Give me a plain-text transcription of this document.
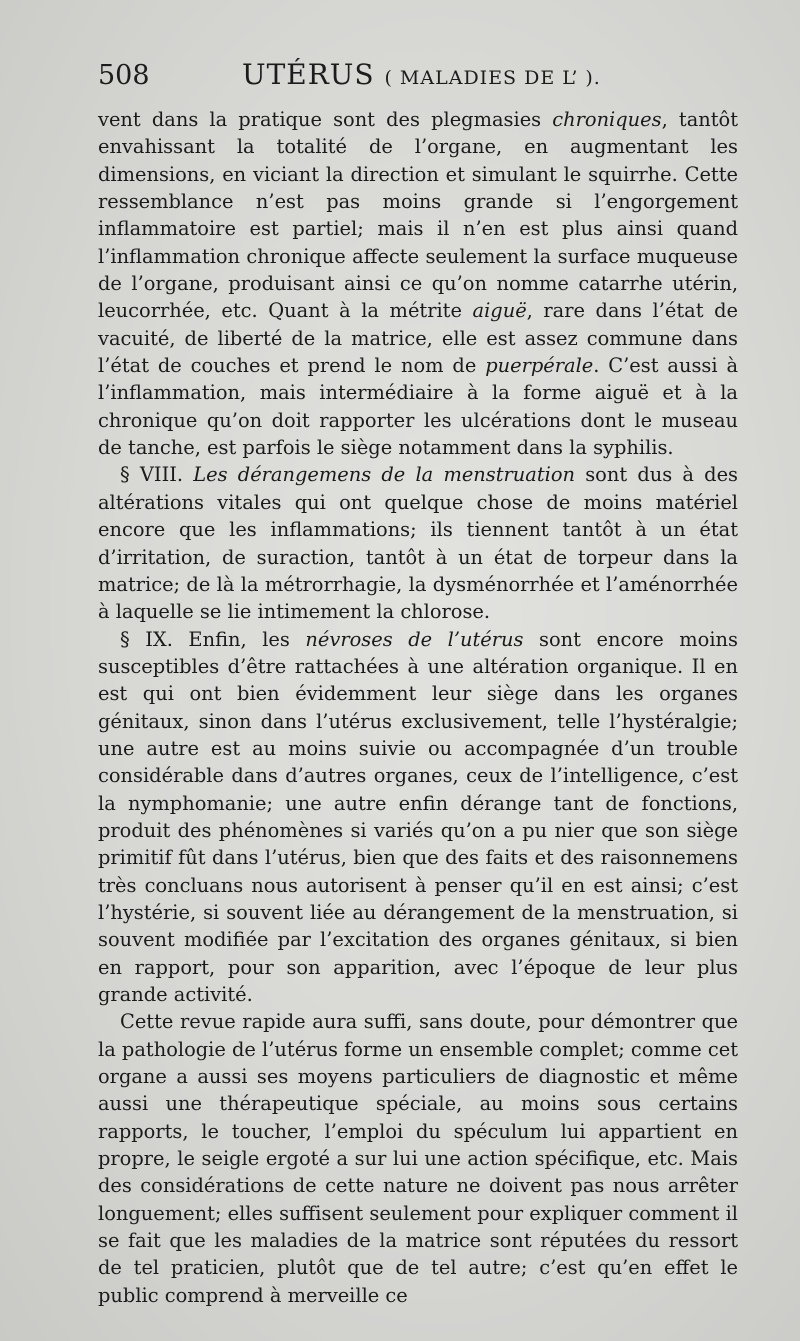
508	UTÉRUS ( MALADIES DE L’ ).

vent dans la pratique sont des plegmasies chroniques, tantôt envahissant la totalité de l’organe, en augmentant les dimensions, en viciant la direction et simulant le squirrhe. Cette ressemblance n’est pas moins grande si l’engorgement inflammatoire est partiel; mais il n’en est plus ainsi quand l’inflammation chronique affecte seulement la surface muqueuse de l’organe, produisant ainsi ce qu’on nomme catarrhe utérin, leucorrhée, etc. Quant à la métrite aiguë, rare dans l’état de vacuité, de liberté de la matrice, elle est assez commune dans l’état de couches et prend le nom de puerpérale. C’est aussi à l’inflammation, mais intermédiaire à la forme aiguë et à la chronique qu’on doit rapporter les ulcérations dont le museau de tanche, est parfois le siège notamment dans la syphilis.

§ VIII. Les dérangemens de la menstruation sont dus à des altérations vitales qui ont quelque chose de moins matériel encore que les inflammations; ils tiennent tantôt à un état d’irritation, de suraction, tantôt à un état de torpeur dans la matrice; de là la métrorrhagie, la dysménorrhée et l’aménorrhée à laquelle se lie intimement la chlorose.

§ IX. Enfin, les névroses de l’utérus sont encore moins susceptibles d’être rattachées à une altération organique. Il en est qui ont bien évidemment leur siège dans les organes génitaux, sinon dans l’utérus exclusivement, telle l’hystéralgie; une autre est au moins suivie ou accompagnée d’un trouble considérable dans d’autres organes, ceux de l’intelligence, c’est la nymphomanie; une autre enfin dérange tant de fonctions, produit des phénomènes si variés qu’on a pu nier que son siège primitif fût dans l’utérus, bien que des faits et des raisonnemens très concluans nous autorisent à penser qu’il en est ainsi; c’est l’hystérie, si souvent liée au dérangement de la menstruation, si souvent modifiée par l’excitation des organes génitaux, si bien en rapport, pour son apparition, avec l’époque de leur plus grande activité.

Cette revue rapide aura suffi, sans doute, pour démontrer que la pathologie de l’utérus forme un ensemble complet; comme cet organe a aussi ses moyens particuliers de diagnostic et même aussi une thérapeutique spéciale, au moins sous certains rapports, le toucher, l’emploi du spéculum lui appartient en propre, le seigle ergoté a sur lui une action spécifique, etc. Mais des considérations de cette nature ne doivent pas nous arrêter longuement; elles suffisent seulement pour expliquer comment il se fait que les maladies de la matrice sont réputées du ressort de tel praticien, plutôt que de tel autre; c’est qu’en effet le public comprend à merveille ce
